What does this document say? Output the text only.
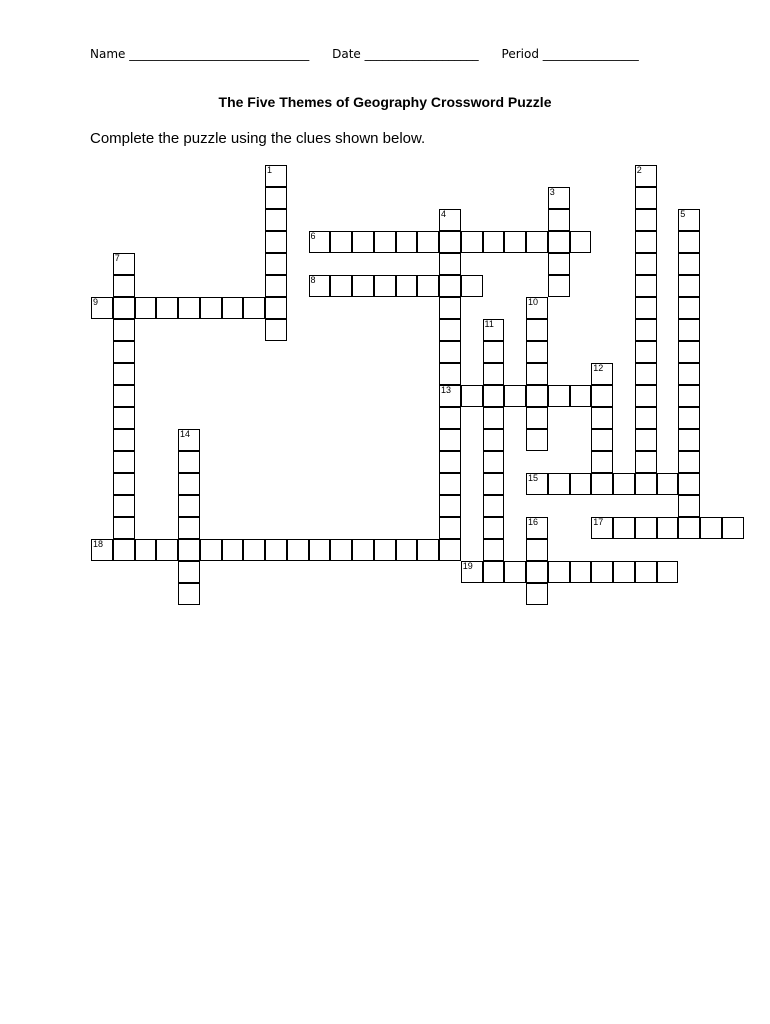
Name ______________________________ Date ___________________ Period ________________
The Five Themes of Geography Crossword Puzzle
Complete the puzzle using the clues shown below.
1	2
3
4
13
5
6
7
8
9	10
11
12
14
15
16	17
18
19
